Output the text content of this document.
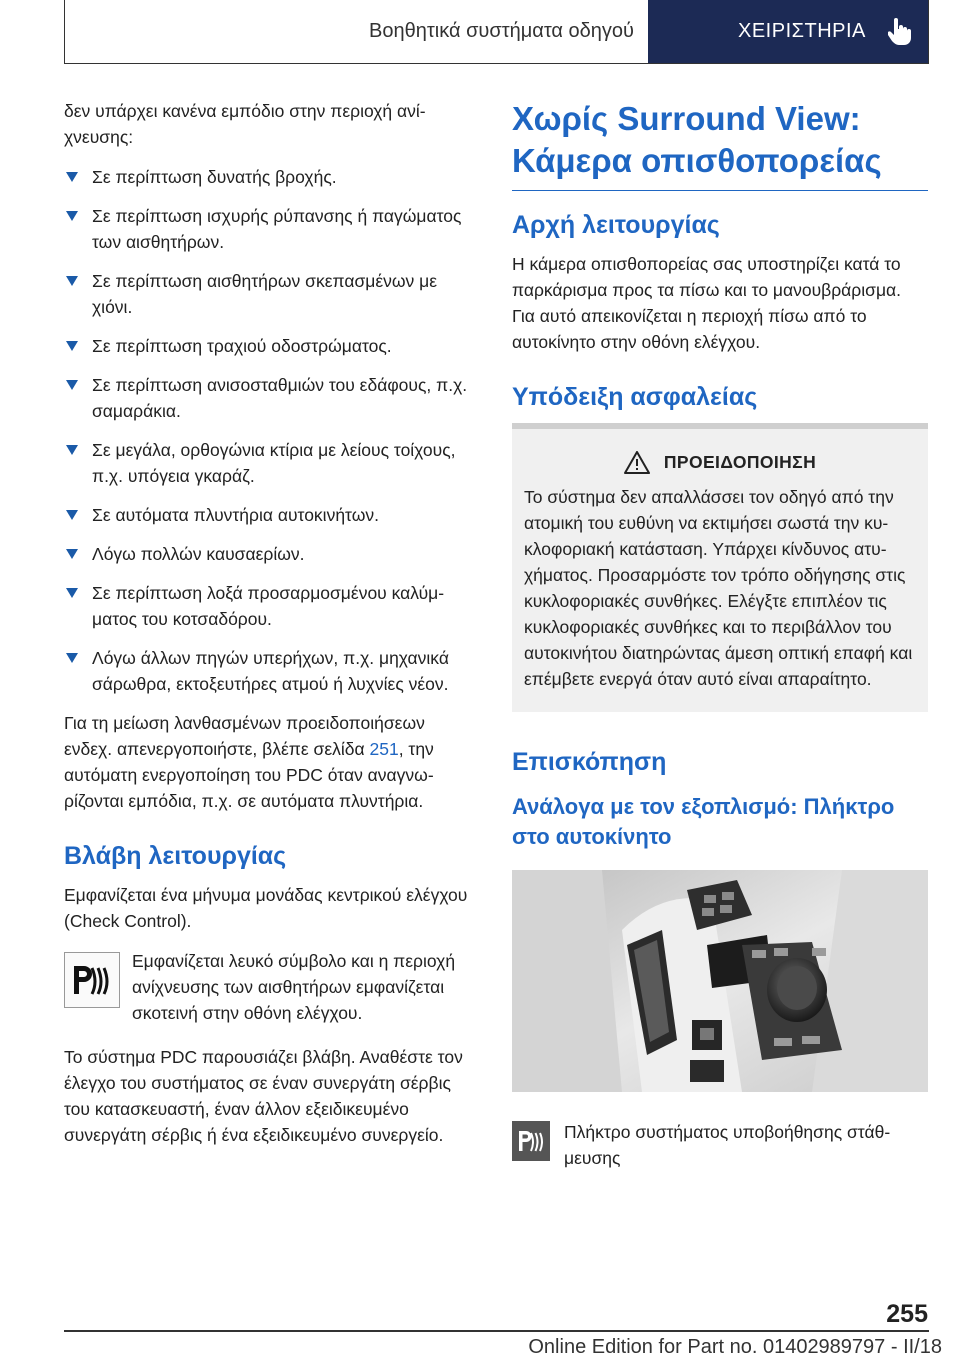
Βοηθητικά συστήματα οδηγού	ΧΕΙΡΙΣΤΗΡΙΑ

δεν υπάρχει κανένα εμπόδιο στην περιοχή ανίχνευσης:

Σε περίπτωση δυνατής βροχής.
Σε περίπτωση ισχυρής ρύπανσης ή παγώματος των αισθητήρων.
Σε περίπτωση αισθητήρων σκεπασμένων με χιόνι.
Σε περίπτωση τραχιού οδοστρώματος.
Σε περίπτωση ανισοσταθμιών του εδάφους, π.χ. σαμαράκια.
Σε μεγάλα, ορθογώνια κτίρια με λείους τοίχους, π.χ. υπόγεια γκαράζ.
Σε αυτόματα πλυντήρια αυτοκινήτων.
Λόγω πολλών καυσαερίων.
Σε περίπτωση λοξά προσαρμοσμένου καλύμματος του κοτσαδόρου.
Λόγω άλλων πηγών υπερήχων, π.χ. μηχανικά σάρωθρα, εκτοξευτήρες ατμού ή λυχνίες νέον.

Για τη μείωση λανθασμένων προειδοποιήσεων ενδεχ. απενεργοποιήστε, βλέπε σελίδα 251, την αυτόματη ενεργοποίηση του PDC όταν αναγνωρίζονται εμπόδια, π.χ. σε αυτόματα πλυντήρια.

Βλάβη λειτουργίας

Εμφανίζεται ένα μήνυμα μονάδας κεντρικού ελέγχου (Check Control).

Εμφανίζεται λευκό σύμβολο και η περιοχή ανίχνευσης των αισθητήρων εμφανίζεται σκοτεινή στην οθόνη ελέγχου.

Το σύστημα PDC παρουσιάζει βλάβη. Αναθέστε τον έλεγχο του συστήματος σε έναν συνεργάτη σέρβις του κατασκευαστή, έναν άλλον εξειδικευμένο συνεργάτη σέρβις ή ένα εξειδικευμένο συνεργείο.

Χωρίς Surround View: Κάμερα οπισθοπορείας
Αρχή λειτουργίας

Η κάμερα οπισθοπορείας σας υποστηρίζει κατά το παρκάρισμα προς τα πίσω και το μανουβράρισμα. Για αυτό απεικονίζεται η περιοχή πίσω από το αυτοκίνητο στην οθόνη ελέγχου.

Υπόδειξη ασφαλείας
ΠΡΟΕΙΔΟΠΟΙΗΣΗ

Το σύστημα δεν απαλλάσσει τον οδηγό από την ατομική του ευθύνη να εκτιμήσει σωστά την κυκλοφοριακή κατάσταση. Υπάρχει κίνδυνος ατυχήματος. Προσαρμόστε τον τρόπο οδήγησης στις κυκλοφοριακές συνθήκες. Ελέγξτε επιπλέον τις κυκλοφοριακές συνθήκες και το περιβάλλον του αυτοκινήτου διατηρώντας άμεση οπτική επαφή και επέμβετε ενεργά όταν αυτό είναι απαραίτητο.

Επισκόπηση
Ανάλογα με τον εξοπλισμό: Πλήκτρο στο αυτοκίνητο
Πλήκτρο συστήματος υποβοήθησης στάθμευσης
255
Online Edition for Part no. 01402989797 - II/18
